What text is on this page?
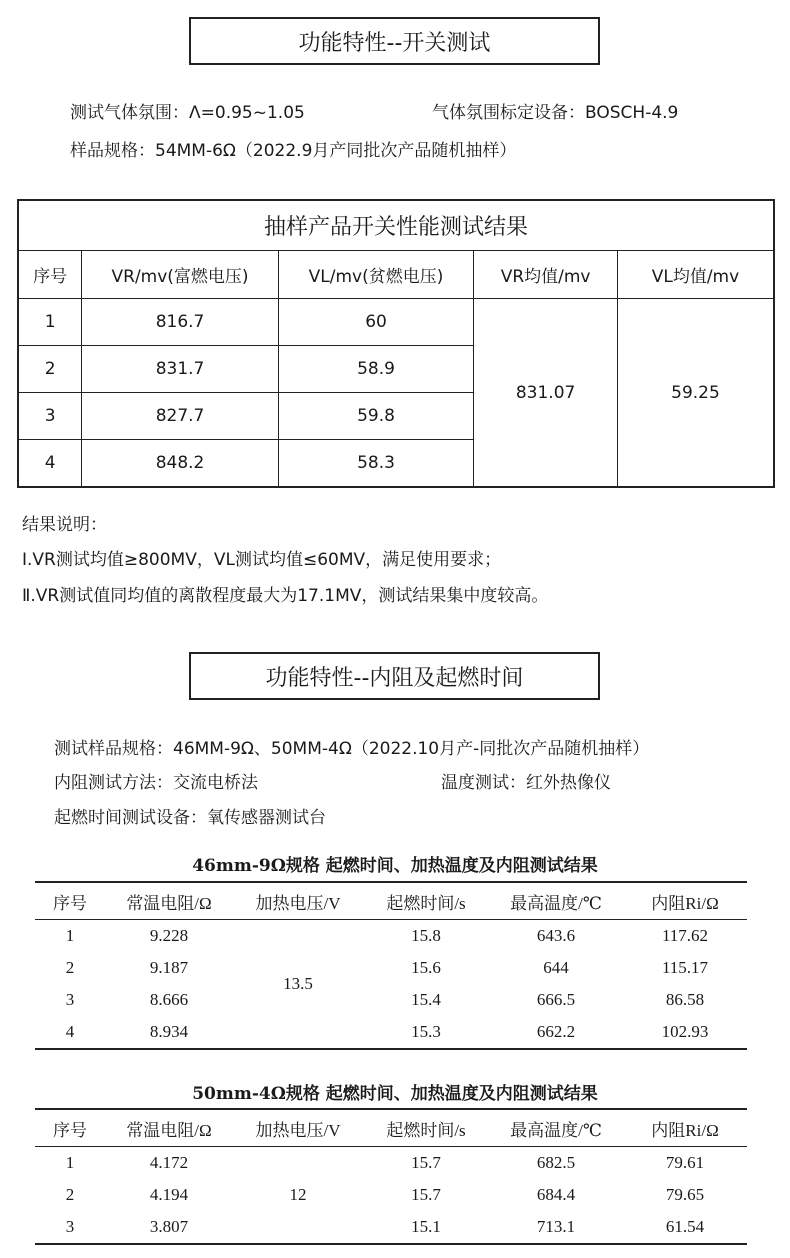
功能特性--开关测试
测试气体氛围：Λ=0.95~1.05	气体氛围标定设备：BOSCH-4.9
样品规格：54MM-6Ω（2022.9月产同批次产品随机抽样）
抽样产品开关性能测试结果				
序号	VR/mv(富燃电压)	VL/mv(贫燃电压)	VR均值/mv	VL均值/mv
1	816.7	60	831.07	59.25
2	831.7	58.9		
3	827.7	59.8		
4	848.2	58.3		
结果说明：
Ⅰ.VR测试均值≥800MV，VL测试均值≤60MV，满足使用要求；
Ⅱ.VR测试值同均值的离散程度最大为17.1MV，测试结果集中度较高。
功能特性--内阻及起燃时间
测试样品规格：46MM-9Ω、50MM-4Ω（2022.10月产-同批次产品随机抽样）
内阻测试方法：交流电桥法	温度测试：红外热像仪
起燃时间测试设备：氧传感器测试台
46mm-9Ω规格 起燃时间、加热温度及内阻测试结果
序号	常温电阻/Ω	加热电压/V	起燃时间/s	最高温度/℃	内阻Ri/Ω
1	9.228	13.5	15.8	643.6	117.62
2	9.187		15.6	644	115.17
3	8.666		15.4	666.5	86.58
4	8.934		15.3	662.2	102.93
50mm-4Ω规格 起燃时间、加热温度及内阻测试结果
序号	常温电阻/Ω	加热电压/V	起燃时间/s	最高温度/℃	内阻Ri/Ω
1	4.172	12	15.7	682.5	79.61
2	4.194		15.7	684.4	79.65
3	3.807		15.1	713.1	61.54
